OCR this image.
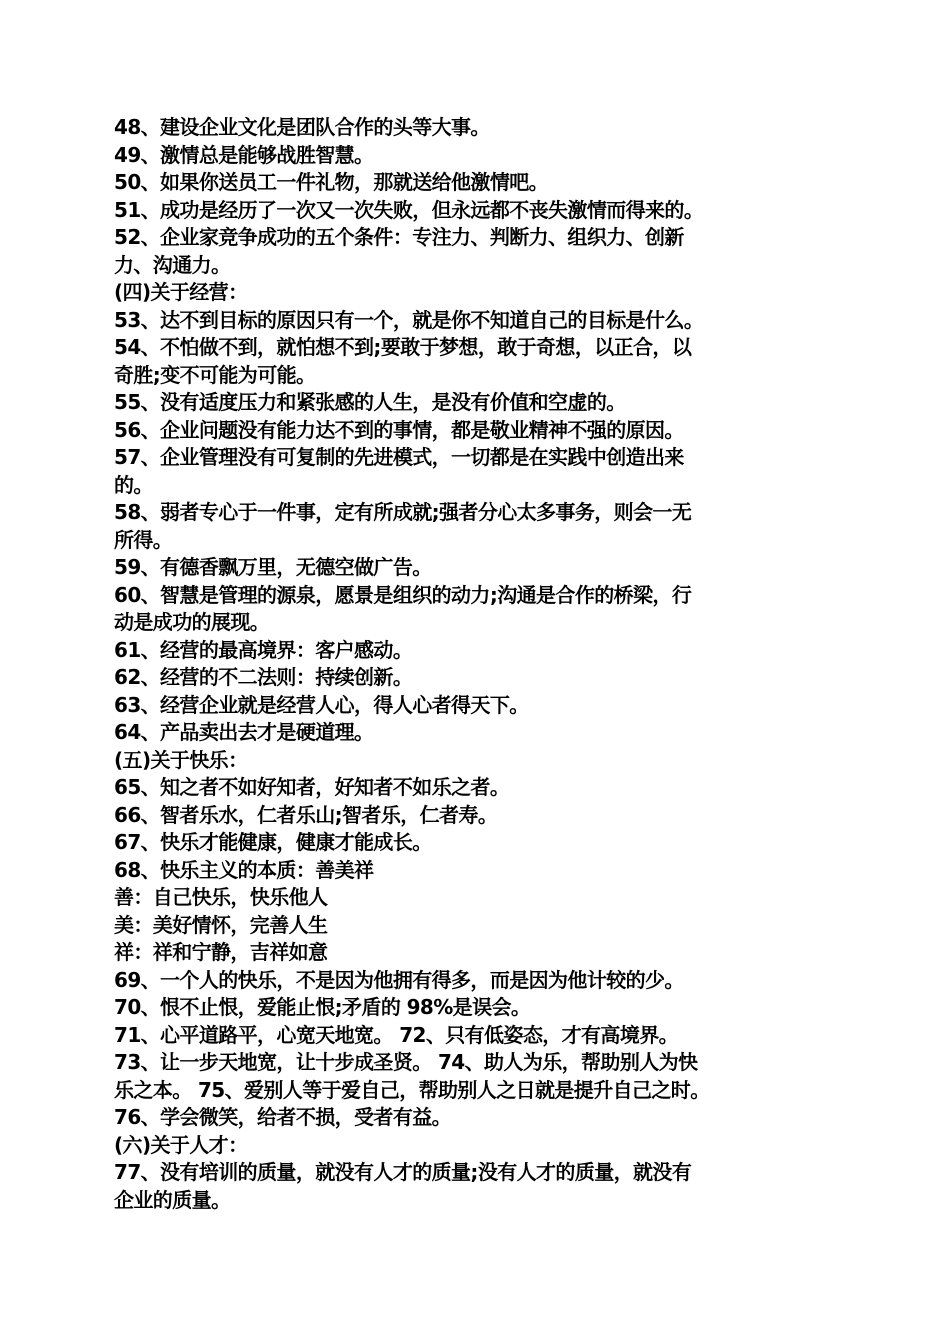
48、建设企业文化是团队合作的头等大事。
49、激情总是能够战胜智慧。
50、如果你送员工一件礼物，那就送给他激情吧。
51、成功是经历了一次又一次失败，但永远都不丧失激情而得来的。
52、企业家竞争成功的五个条件：专注力、判断力、组织力、创新
力、沟通力。
(四)关于经营：
53、达不到目标的原因只有一个，就是你不知道自己的目标是什么。
54、不怕做不到，就怕想不到;要敢于梦想，敢于奇想，以正合，以
奇胜;变不可能为可能。
55、没有适度压力和紧张感的人生，是没有价值和空虚的。
56、企业问题没有能力达不到的事情，都是敬业精神不强的原因。
57、企业管理没有可复制的先进模式，一切都是在实践中创造出来
的。
58、弱者专心于一件事，定有所成就;强者分心太多事务，则会一无
所得。
59、有德香飘万里，无德空做广告。
60、智慧是管理的源泉，愿景是组织的动力;沟通是合作的桥梁，行
动是成功的展现。
61、经营的最高境界：客户感动。
62、经营的不二法则：持续创新。
63、经营企业就是经营人心，得人心者得天下。
64、产品卖出去才是硬道理。
(五)关于快乐：
65、知之者不如好知者，好知者不如乐之者。
66、智者乐水，仁者乐山;智者乐，仁者寿。
67、快乐才能健康，健康才能成长。
68、快乐主义的本质：善美祥
善：自己快乐，快乐他人
美：美好情怀，完善人生
祥：祥和宁静，吉祥如意
69、一个人的快乐，不是因为他拥有得多，而是因为他计较的少。
70、恨不止恨，爱能止恨;矛盾的 98%是误会。
71、心平道路平，心宽天地宽。 72、只有低姿态，才有高境界。
73、让一步天地宽，让十步成圣贤。 74、助人为乐，帮助别人为快
乐之本。 75、爱别人等于爱自己，帮助别人之日就是提升自己之时。
76、学会微笑，给者不损，受者有益。
(六)关于人才：
77、没有培训的质量，就没有人才的质量;没有人才的质量，就没有
企业的质量。
